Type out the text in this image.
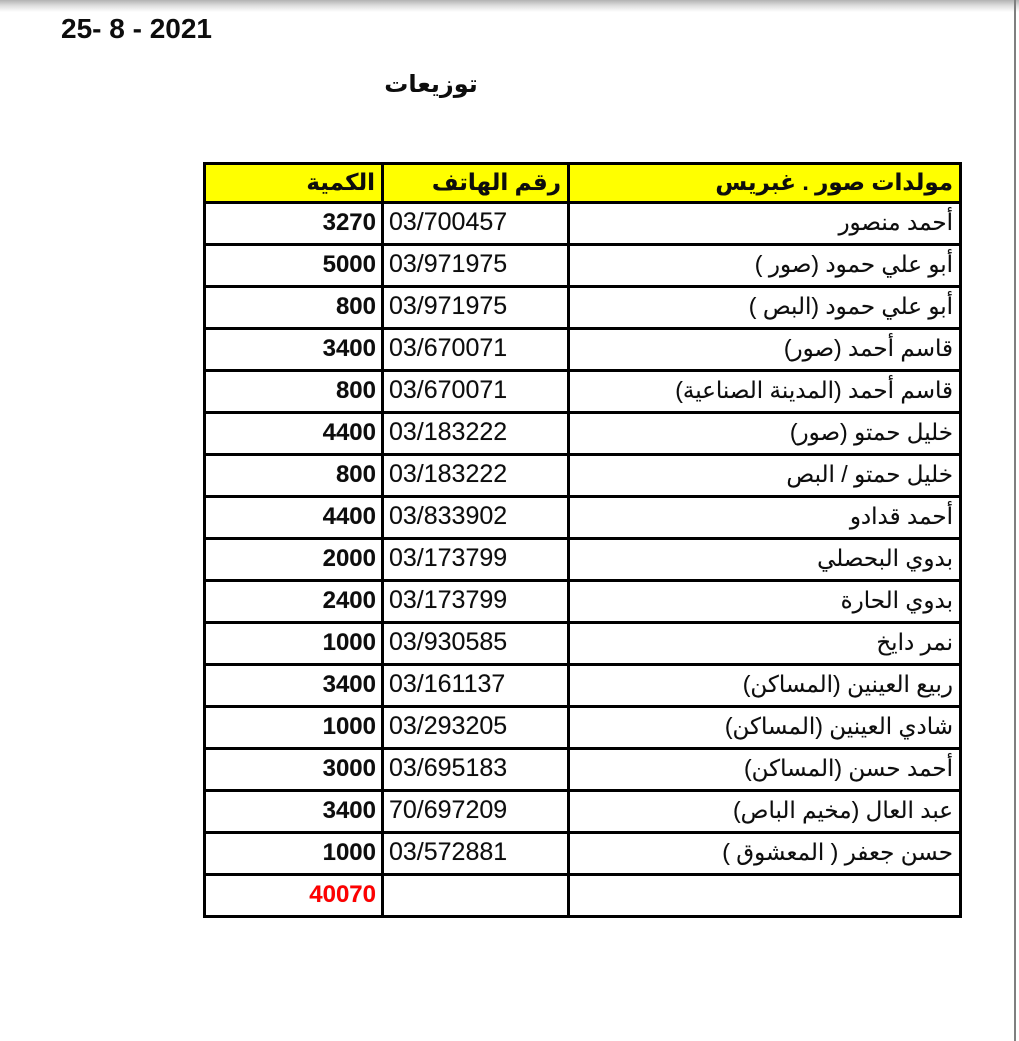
25- 8 - 2021
توزيعات
مولدات صور . غبريس	رقم الهاتف	الكمية
أحمد منصور	03/700457	3270
أبو علي حمود (صور )	03/971975	5000
أبو علي حمود (البص )	03/971975	800
قاسم أحمد (صور)	03/670071	3400
قاسم أحمد (المدينة الصناعية)	03/670071	800
خليل حمتو (صور)	03/183222	4400
خليل حمتو / البص	03/183222	800
أحمد قدادو	03/833902	4400
بدوي البحصلي	03/173799	2000
بدوي الحارة	03/173799	2400
نمر دايخ	03/930585	1000
ربيع العينين (المساكن)	03/161137	3400
شادي العينين (المساكن)	03/293205	1000
أحمد حسن (المساكن)	03/695183	3000
عبد العال (مخيم الباص)	70/697209	3400
حسن جعفر ( المعشوق )	03/572881	1000
		40070
